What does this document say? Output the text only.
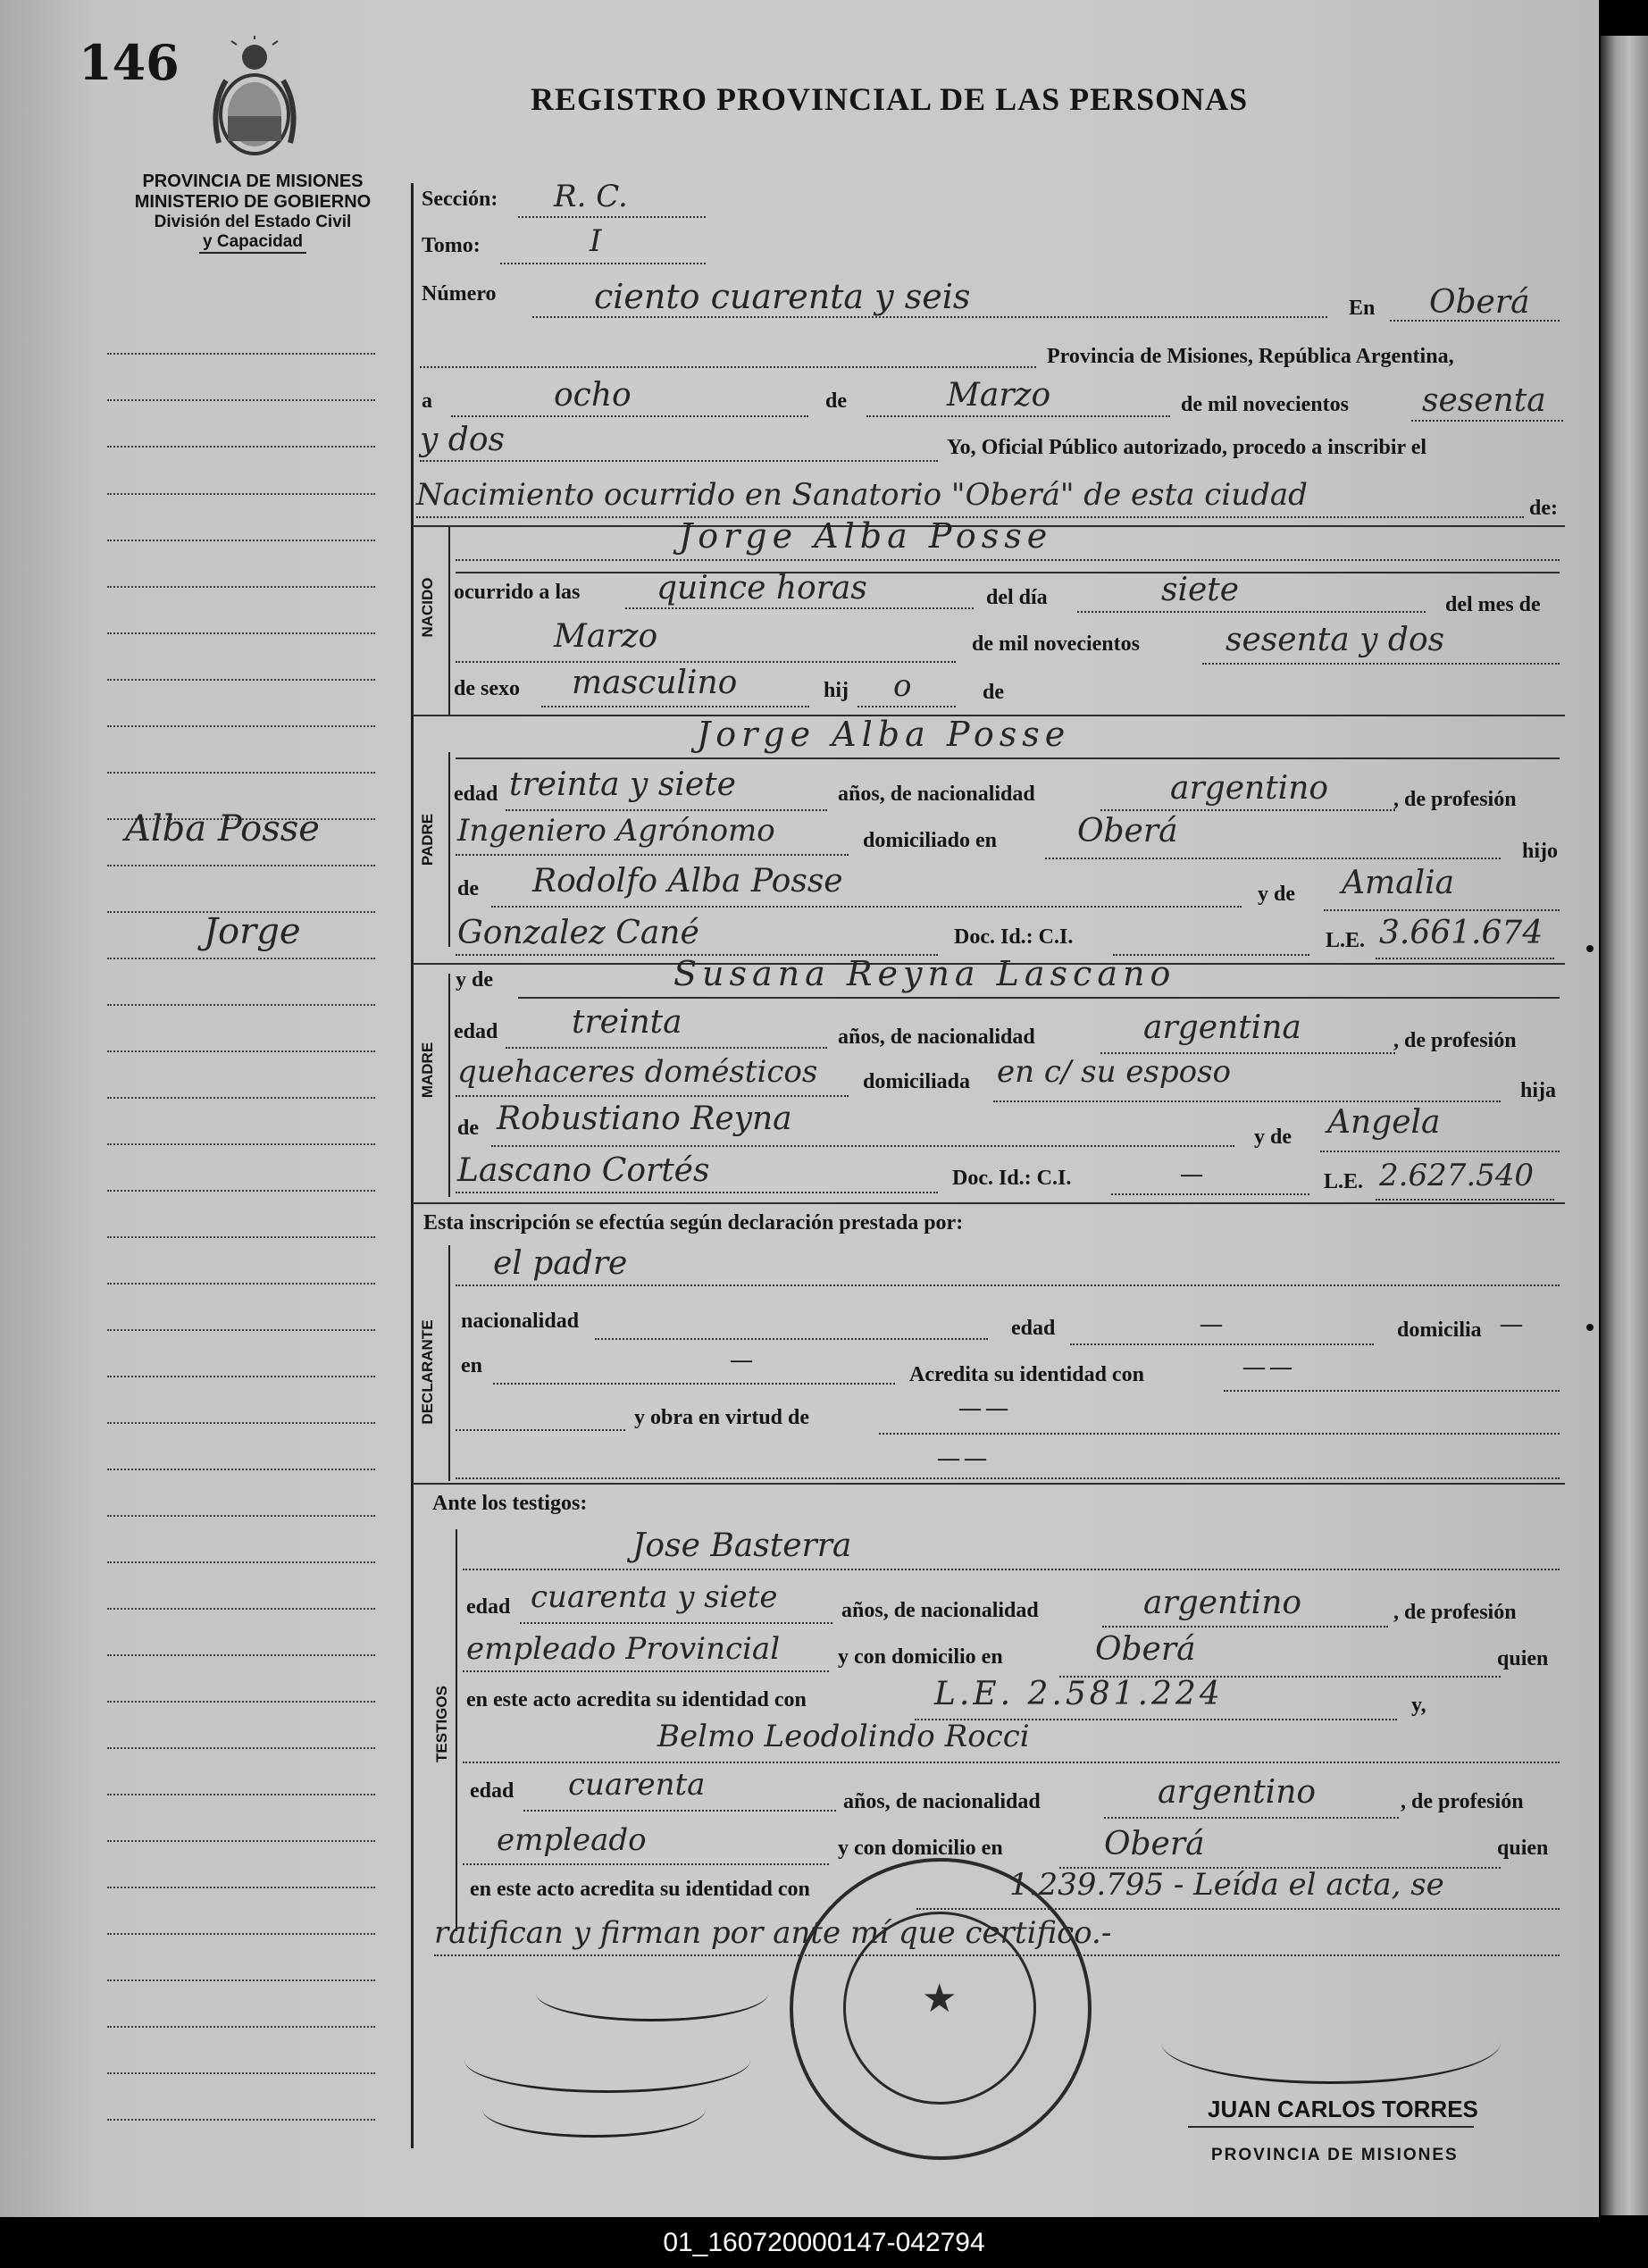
146
REGISTRO PROVINCIAL DE LAS PERSONAS
PROVINCIA DE MISIONES
MINISTERIO DE GOBIERNO
División del Estado Civil
y Capacidad
Alba Posse
Jorge
Sección: R. C.
Tomo:	I
Número	ciento cuarenta y seis	En Oberá
Provincia de Misiones, República Argentina,
a	ocho	de	Marzo	de mil novecientos sesenta
y dos	Yo, Oficial Público autorizado, procedo a inscribir el
Nacimiento ocurrido en Sanatorio "Oberá" de esta ciudad	de:
NACIDO
Jorge Alba Posse
ocurrido a las quince horas	del día	siete	del mes de
Marzo	de mil novecientos	sesenta y dos
de sexo masculino	hij o	de
PADRE
Jorge Alba Posse
edad treinta y siete	años, de nacionalidad	argentino	, de profesión
Ingeniero Agrónomo	domiciliado en Oberá
hijo
de Rodolfo Alba Posse	y de Amalia
Gonzalez Cané	Doc. Id.: C.I.	L.E. 3.661.674
MADRE
y de	Susana Reyna Lascano
edad treinta	años, de nacionalidad	argentina	, de profesión
quehaceres domésticos domiciliada en c/ su esposo
hija
de Robustiano Reyna	y de Angela
Lascano Cortés	Doc. Id.: C.I.	—	L.E. 2.627.540
Esta inscripción se efectúa según declaración prestada por:
DECLARANTE
el padre
nacionalidad	edad	—	domicilia —
en	—
Acredita su identidad con	— —
y obra en virtud de	— —
— —
Ante los testigos:
TESTIGOS
Jose Basterra
edad cuarenta y siete	años, de nacionalidad	argentino	, de profesión
empleado Provincial	y con domicilio en	Oberá	quien
en este acto acredita su identidad con	L.E. 2.581.224	y,
Belmo Leodolindo Rocci
edad cuarenta	años, de nacionalidad	argentino	, de profesión
empleado	y con domicilio en	Oberá	quien
en este acto acredita su identidad con	1.239.795 - Leída el acta, se
ratifican y firman por ante mí que certifico.-
★
JUAN CARLOS TORRES
PROVINCIA DE MISIONES
01_160720000147-042794
